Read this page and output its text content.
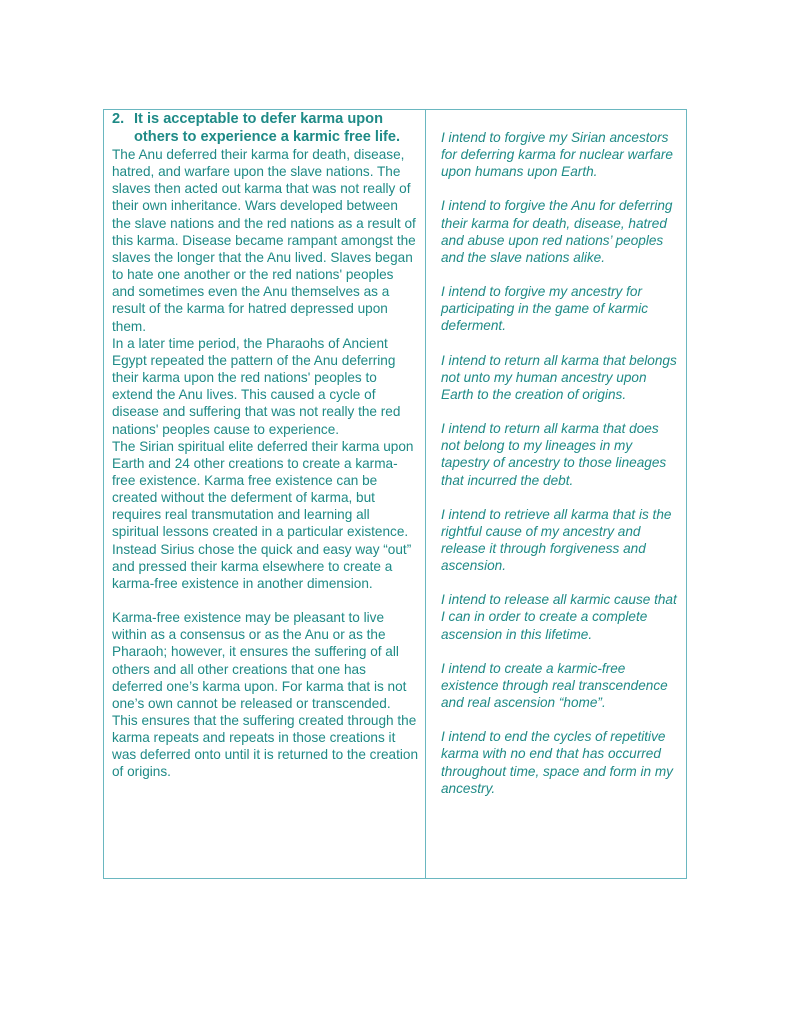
2. It is acceptable to defer karma upon others to experience a karmic free life.

The Anu deferred their karma for death, disease, hatred, and warfare upon the slave nations. The slaves then acted out karma that was not really of their own inheritance. Wars developed between the slave nations and the red nations as a result of this karma. Disease became rampant amongst the slaves the longer that the Anu lived. Slaves began to hate one another or the red nations' peoples and sometimes even the Anu themselves as a result of the karma for hatred depressed upon them.

In a later time period, the Pharaohs of Ancient Egypt repeated the pattern of the Anu deferring their karma upon the red nations' peoples to extend the Anu lives. This caused a cycle of disease and suffering that was not really the red nations' peoples cause to experience.

The Sirian spiritual elite deferred their karma upon Earth and 24 other creations to create a karma-free existence. Karma free existence can be created without the deferment of karma, but requires real transmutation and learning all spiritual lessons created in a particular existence. Instead Sirius chose the quick and easy way “out” and pressed their karma elsewhere to create a karma-free existence in another dimension.

Karma-free existence may be pleasant to live within as a consensus or as the Anu or as the Pharaoh; however, it ensures the suffering of all others and all other creations that one has deferred one’s karma upon. For karma that is not one’s own cannot be released or transcended. This ensures that the suffering created through the karma repeats and repeats in those creations it was deferred onto until it is returned to the creation of origins.

I intend to forgive my Sirian ancestors for deferring karma for nuclear warfare upon humans upon Earth.

I intend to forgive the Anu for deferring their karma for death, disease, hatred and abuse upon red nations’ peoples and the slave nations alike.

I intend to forgive my ancestry for participating in the game of karmic deferment.

I intend to return all karma that belongs not unto my human ancestry upon Earth to the creation of origins.

I intend to return all karma that does not belong to my lineages in my tapestry of ancestry to those lineages that incurred the debt.

I intend to retrieve all karma that is the rightful cause of my ancestry and release it through forgiveness and ascension.

I intend to release all karmic cause that I can in order to create a complete ascension in this lifetime.

I intend to create a karmic-free existence through real transcendence and real ascension “home”.

I intend to end the cycles of repetitive karma with no end that has occurred throughout time, space and form in my ancestry.
